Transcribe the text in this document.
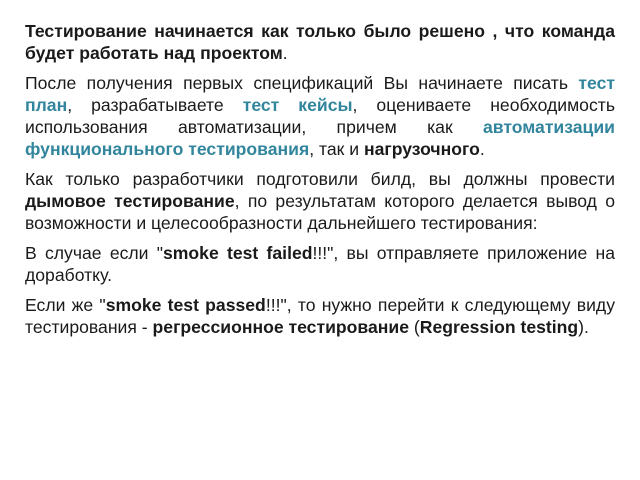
Тестирование начинается как только было решено , что команда будет работать над проектом.

После получения первых спецификаций Вы начинаете писать тест план, разрабатываете тест кейсы, оцениваете необходимость использования автоматизации, причем как автоматизации функционального тестирования, так и нагрузочного.

Как только разработчики подготовили билд, вы должны провести дымовое тестирование, по результатам которого делается вывод о возможности и целесообразности дальнейшего тестирования:

В случае если "smoke test failed!!!", вы отправляете приложение на доработку.

Если же "smoke test passed!!!", то нужно перейти к следующему виду тестирования - регрессионное тестирование (Regression testing).
